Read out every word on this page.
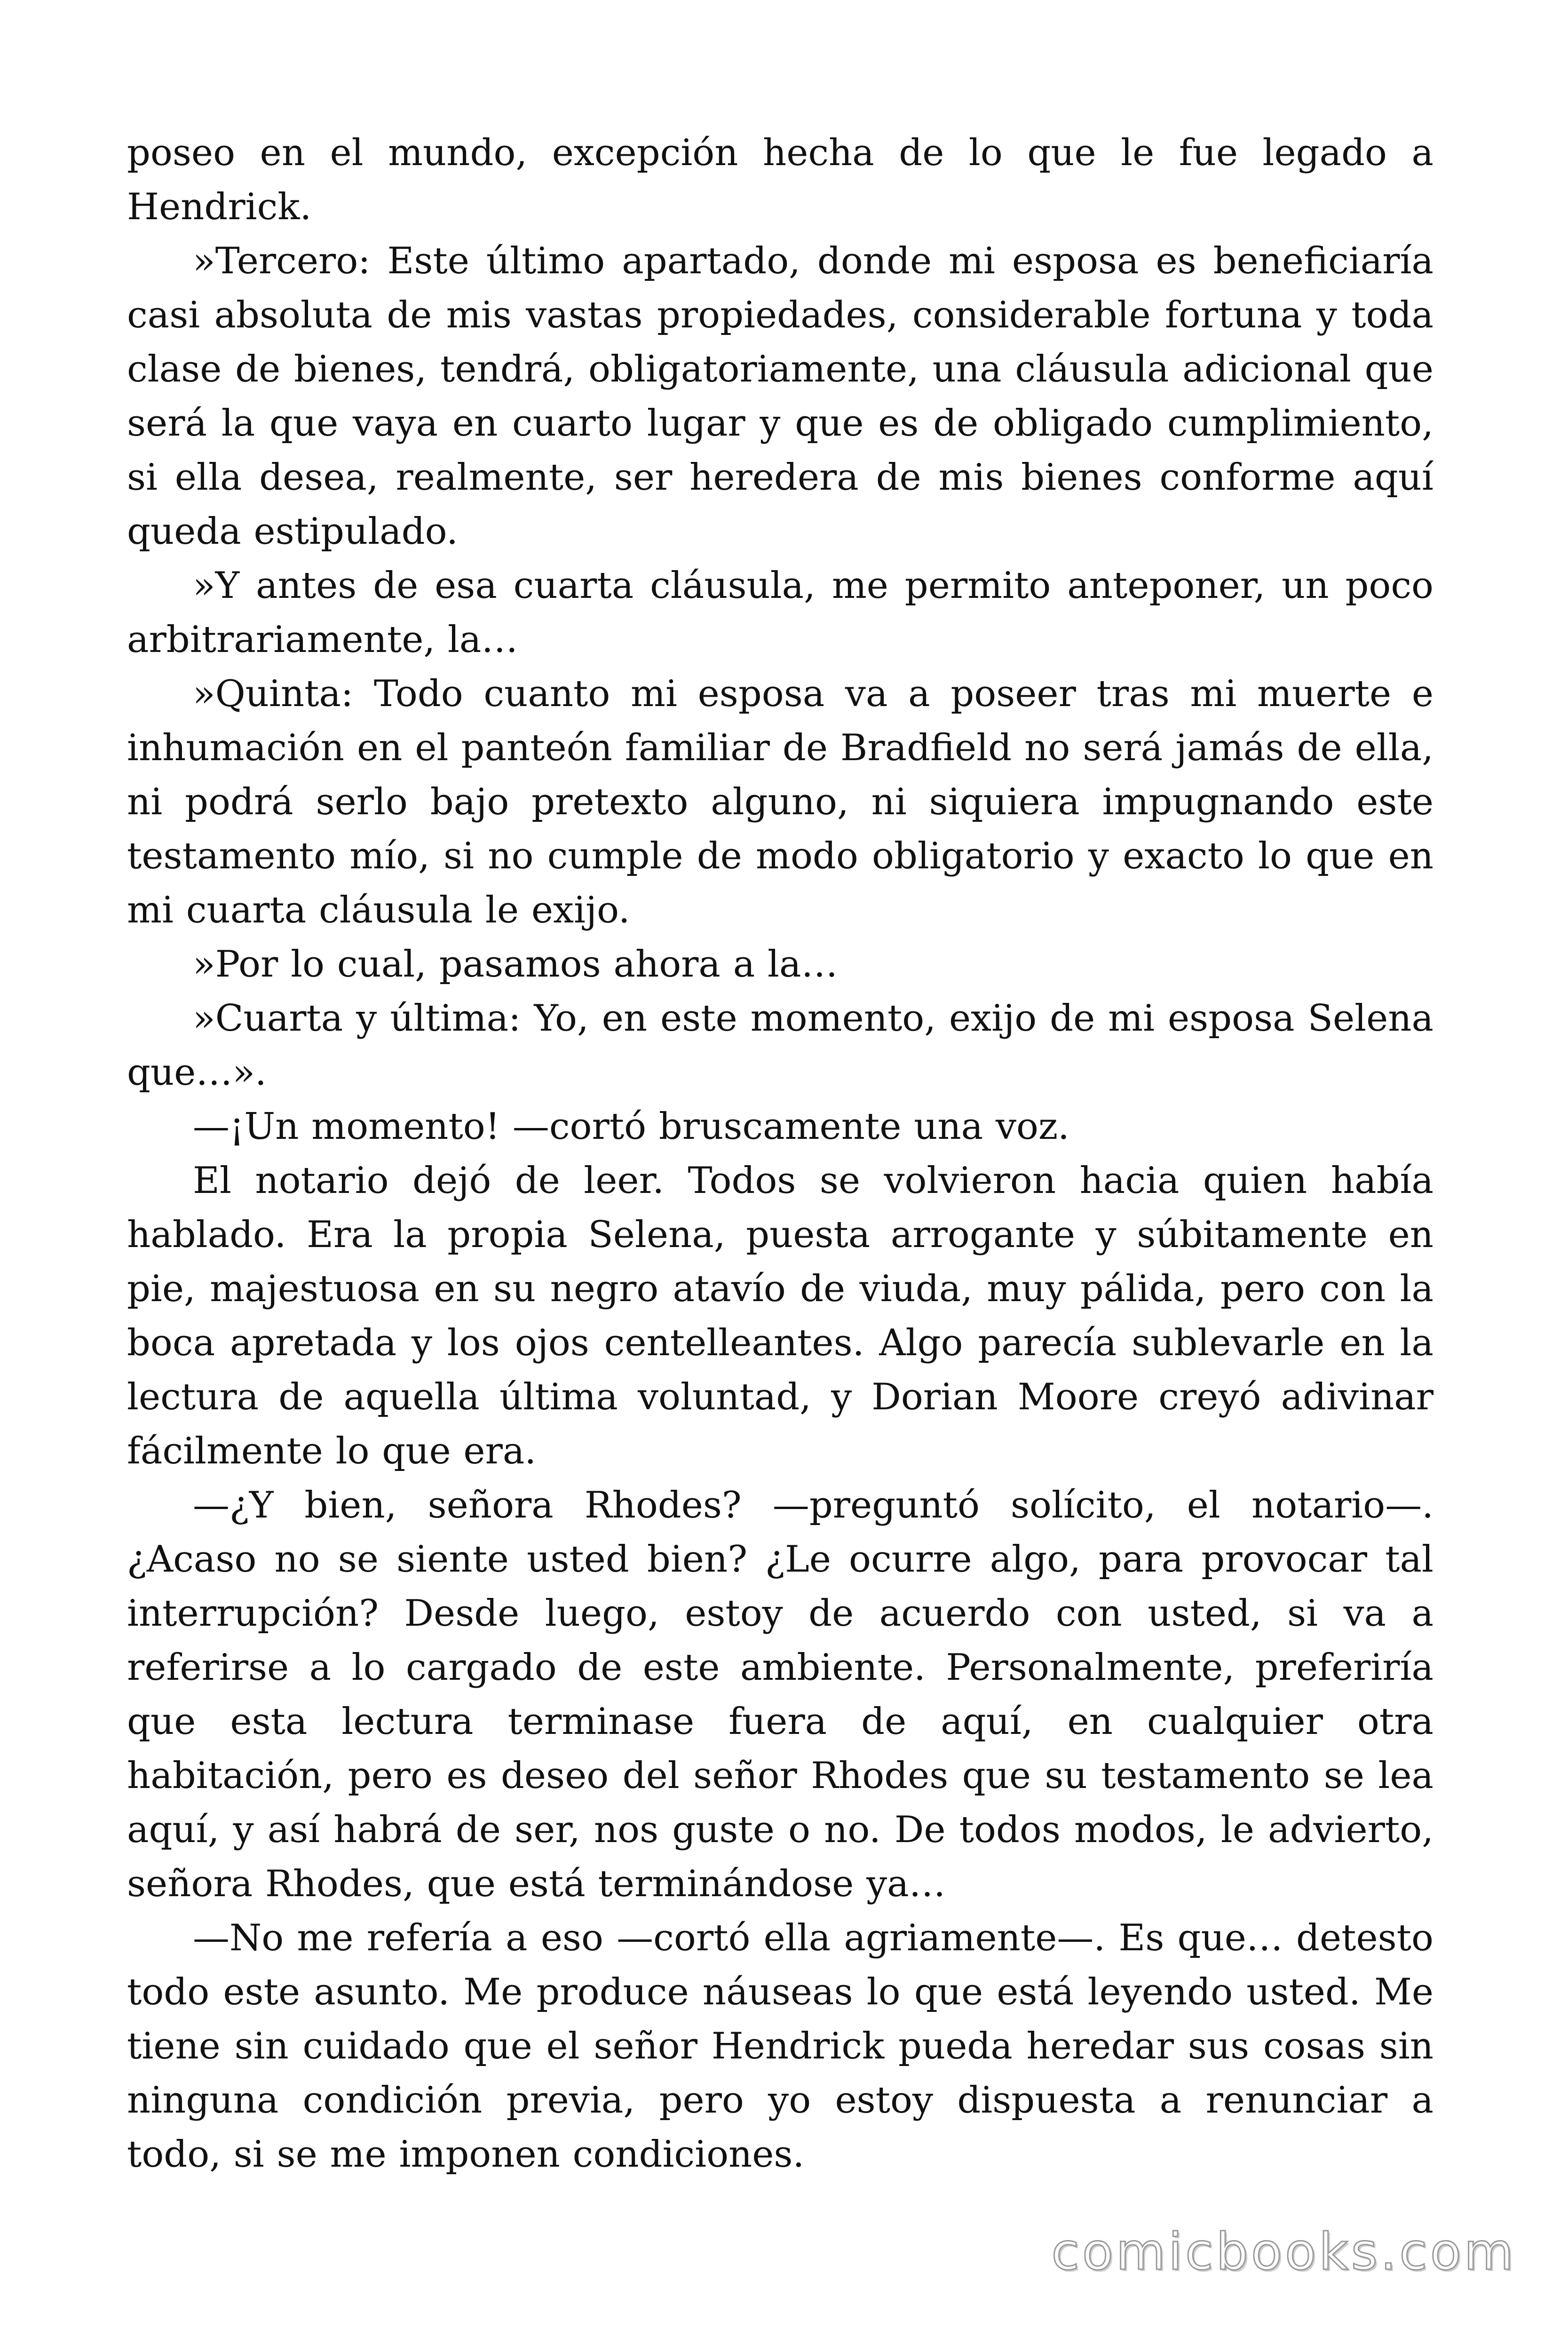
poseo en el mundo, excepción hecha de lo que le fue legado a Hendrick.

»Tercero: Este último apartado, donde mi esposa es beneficiaría casi absoluta de mis vastas propiedades, considerable fortuna y toda clase de bienes, tendrá, obligatoriamente, una cláusula adicional que será la que vaya en cuarto lugar y que es de obligado cumplimiento, si ella desea, realmente, ser heredera de mis bienes conforme aquí queda estipulado.

»Y antes de esa cuarta cláusula, me permito anteponer, un poco arbitrariamente, la…

»Quinta: Todo cuanto mi esposa va a poseer tras mi muerte e inhumación en el panteón familiar de Bradfield no será jamás de ella, ni podrá serlo bajo pretexto alguno, ni siquiera impugnando este testamento mío, si no cumple de modo obligatorio y exacto lo que en mi cuarta cláusula le exijo.

»Por lo cual, pasamos ahora a la…

»Cuarta y última: Yo, en este momento, exijo de mi esposa Selena que…».

—¡Un momento! —cortó bruscamente una voz.

El notario dejó de leer. Todos se volvieron hacia quien había hablado. Era la propia Selena, puesta arrogante y súbitamente en pie, majestuosa en su negro atavío de viuda, muy pálida, pero con la boca apretada y los ojos centelleantes. Algo parecía sublevarle en la lectura de aquella última voluntad, y Dorian Moore creyó adivinar fácilmente lo que era.

—¿Y bien, señora Rhodes? —preguntó solícito, el notario—. ¿Acaso no se siente usted bien? ¿Le ocurre algo, para provocar tal interrupción? Desde luego, estoy de acuerdo con usted, si va a referirse a lo cargado de este ambiente. Personalmente, preferiría que esta lectura terminase fuera de aquí, en cualquier otra habitación, pero es deseo del señor Rhodes que su testamento se lea aquí, y así habrá de ser, nos guste o no. De todos modos, le advierto, señora Rhodes, que está terminándose ya…

—No me refería a eso —cortó ella agriamente—. Es que… detesto todo este asunto. Me produce náuseas lo que está leyendo usted. Me tiene sin cuidado que el señor Hendrick pueda heredar sus cosas sin ninguna condición previa, pero yo estoy dispuesta a renunciar a todo, si se me imponen condiciones.

comicbooks.com
